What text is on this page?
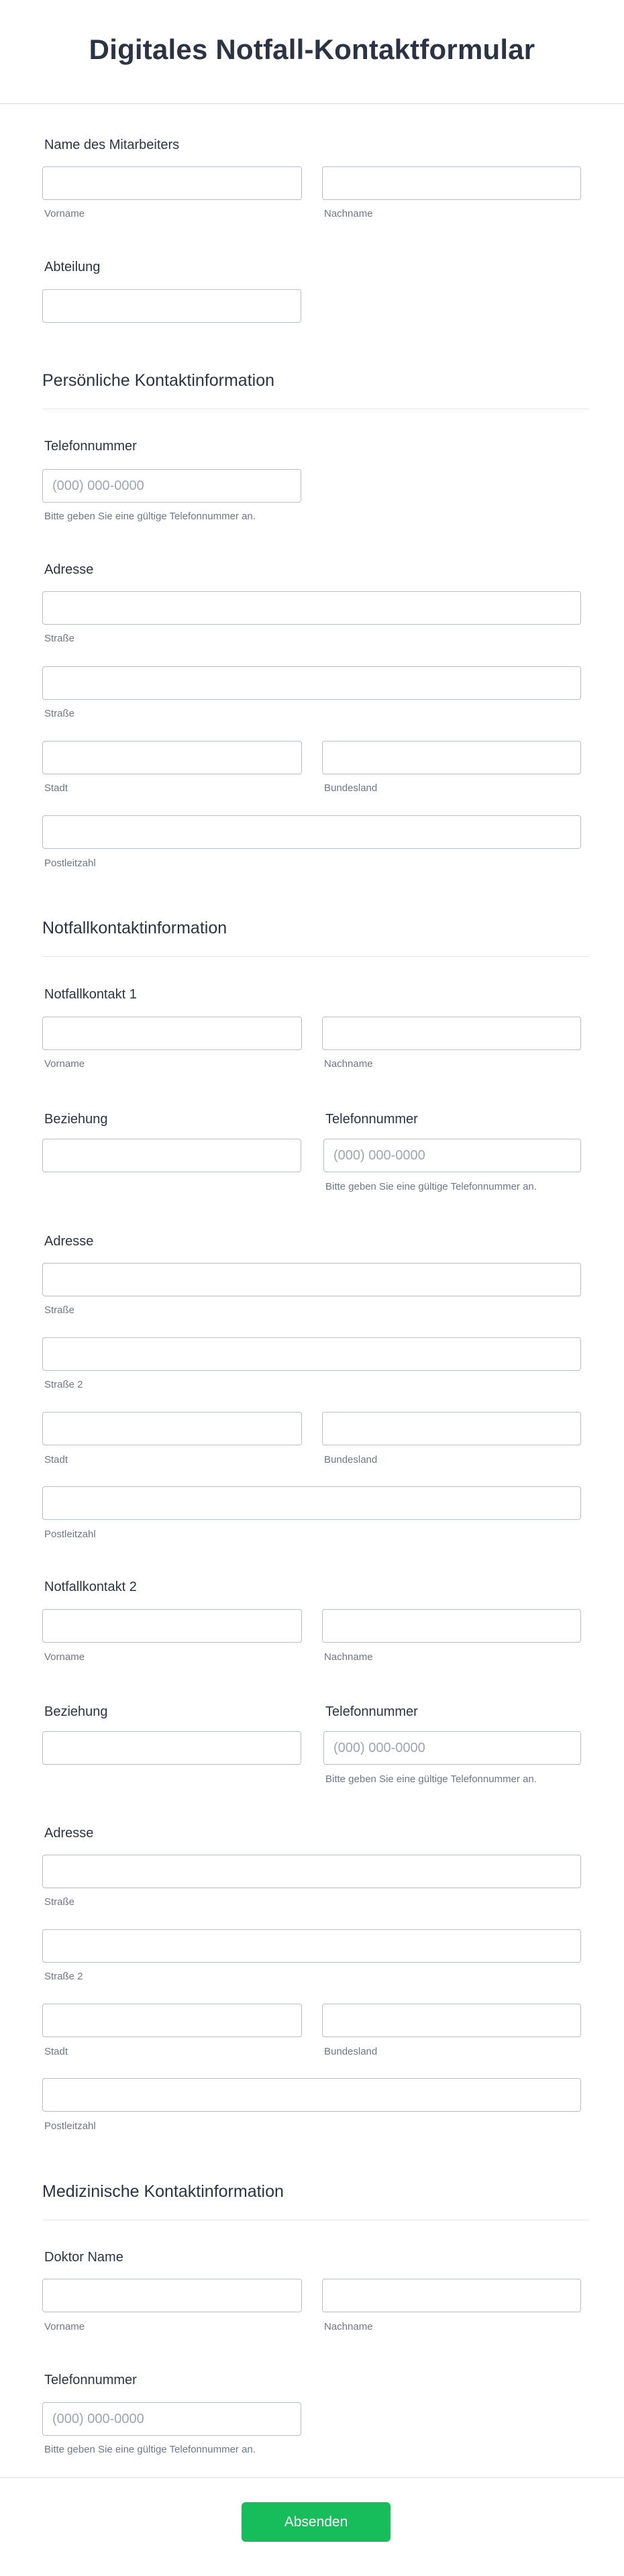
Digitales Notfall-Kontaktformular
Name des Mitarbeiters
Vorname	Nachname
Abteilung
Persönliche Kontaktinformation
Telefonnummer
(000) 000-0000
Bitte geben Sie eine gültige Telefonnummer an.
Adresse
Straße
Straße
Stadt	Bundesland
Postleitzahl
Notfallkontaktinformation
Notfallkontakt 1
Vorname	Nachname
Beziehung	Telefonnummer
(000) 000-0000
Bitte geben Sie eine gültige Telefonnummer an.
Adresse
Straße
Straße 2
Stadt	Bundesland
Postleitzahl
Notfallkontakt 2
Vorname	Nachname
Beziehung	Telefonnummer
(000) 000-0000
Bitte geben Sie eine gültige Telefonnummer an.
Adresse
Straße
Straße 2
Stadt	Bundesland
Postleitzahl
Medizinische Kontaktinformation
Doktor Name
Vorname	Nachname
Telefonnummer
(000) 000-0000
Bitte geben Sie eine gültige Telefonnummer an.
Absenden
